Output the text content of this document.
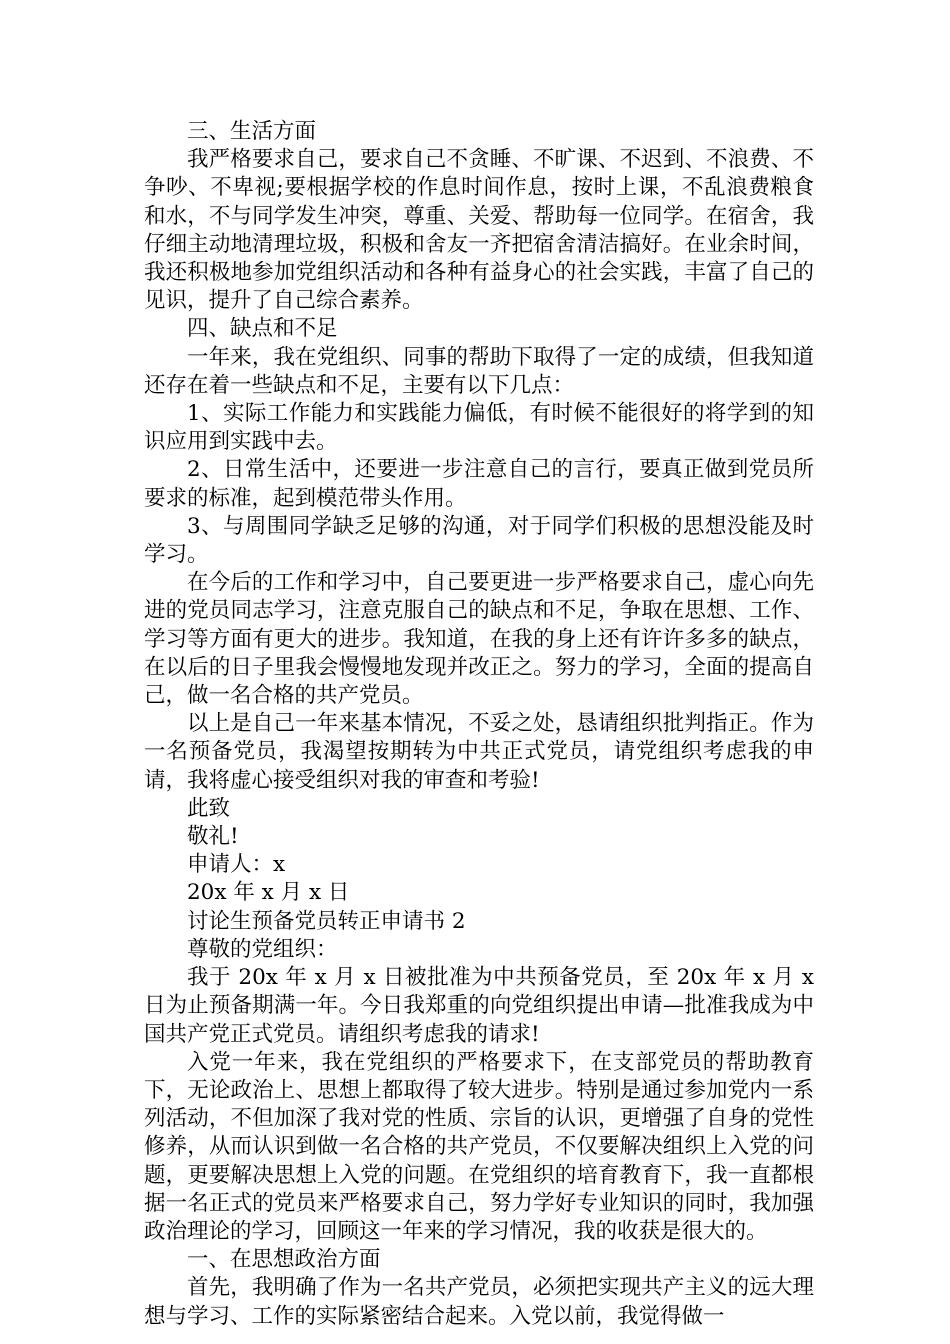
三、生活方面

我严格要求自己，要求自己不贪睡、不旷课、不迟到、不浪费、不争吵、不卑视;要根据学校的作息时间作息，按时上课，不乱浪费粮食和水，不与同学发生冲突，尊重、关爱、帮助每一位同学。在宿舍，我仔细主动地清理垃圾，积极和舍友一齐把宿舍清洁搞好。在业余时间，我还积极地参加党组织活动和各种有益身心的社会实践，丰富了自己的见识，提升了自己综合素养。

四、缺点和不足

一年来，我在党组织、同事的帮助下取得了一定的成绩，但我知道还存在着一些缺点和不足，主要有以下几点：

1、实际工作能力和实践能力偏低，有时候不能很好的将学到的知识应用到实践中去。

2、日常生活中，还要进一步注意自己的言行，要真正做到党员所要求的标准，起到模范带头作用。

3、与周围同学缺乏足够的沟通，对于同学们积极的思想没能及时学习。

在今后的工作和学习中，自己要更进一步严格要求自己，虚心向先进的党员同志学习，注意克服自己的缺点和不足，争取在思想、工作、学习等方面有更大的进步。我知道，在我的身上还有许许多多的缺点，在以后的日子里我会慢慢地发现并改正之。努力的学习，全面的提高自己，做一名合格的共产党员。

以上是自己一年来基本情况，不妥之处，恳请组织批判指正。作为一名预备党员，我渴望按期转为中共正式党员，请党组织考虑我的申请，我将虚心接受组织对我的审查和考验!

此致

敬礼!

申请人：x

20x 年 x 月 x 日

讨论生预备党员转正申请书 2

尊敬的党组织：

我于 20x 年 x 月 x 日被批准为中共预备党员，至 20x 年 x 月 x 日为止预备期满一年。今日我郑重的向党组织提出申请—批准我成为中国共产党正式党员。请组织考虑我的请求!

入党一年来，我在党组织的严格要求下，在支部党员的帮助教育下，无论政治上、思想上都取得了较大进步。特别是通过参加党内一系列活动，不但加深了我对党的性质、宗旨的认识，更增强了自身的党性修养，从而认识到做一名合格的共产党员，不仅要解决组织上入党的问题，更要解决思想上入党的问题。在党组织的培育教育下，我一直都根据一名正式的党员来严格要求自己，努力学好专业知识的同时，我加强政治理论的学习，回顾这一年来的学习情况，我的收获是很大的。

一、在思想政治方面

首先，我明确了作为一名共产党员，必须把实现共产主义的远大理想与学习、工作的实际紧密结合起来。入党以前，我觉得做一
